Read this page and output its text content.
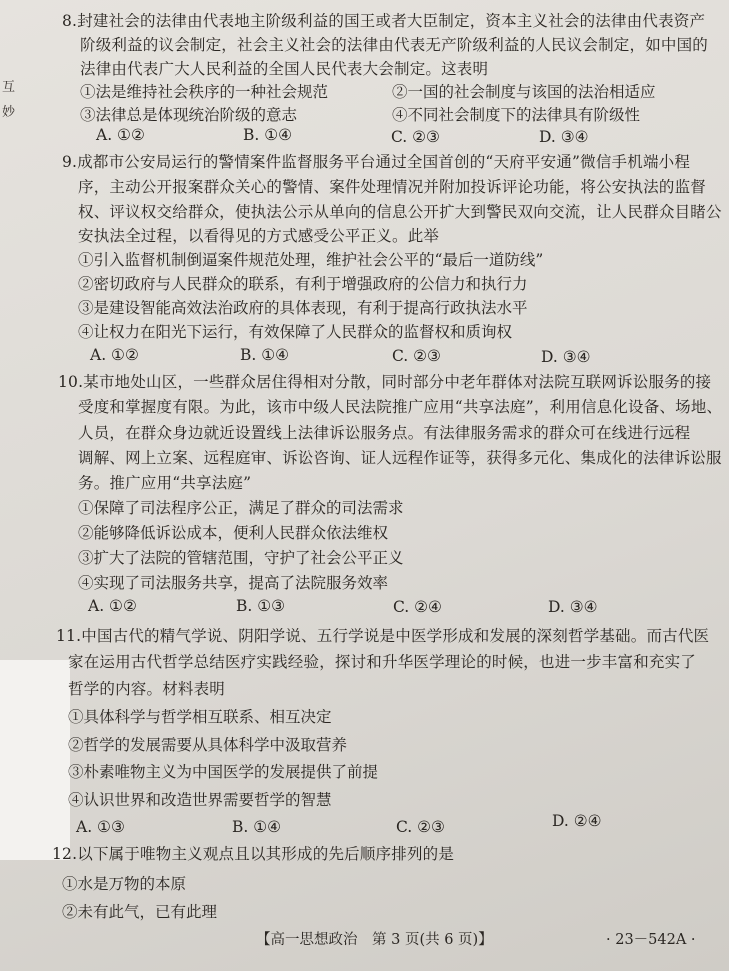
互
妙
8.封建社会的法律由代表地主阶级利益的国王或者大臣制定，资本主义社会的法律由代表资产
阶级利益的议会制定，社会主义社会的法律由代表无产阶级利益的人民议会制定，如中国的
法律由代表广大人民利益的全国人民代表大会制定。这表明
①法是维持社会秩序的一种社会规范	②一国的社会制度与该国的法治相适应
③法律总是体现统治阶级的意志	④不同社会制度下的法律具有阶级性
A. ①②	B. ①④	C. ②③	D. ③④
9.成都市公安局运行的警情案件监督服务平台通过全国首创的“天府平安通”微信手机端小程
序，主动公开报案群众关心的警情、案件处理情况并附加投诉评论功能，将公安执法的监督
权、评议权交给群众，使执法公示从单向的信息公开扩大到警民双向交流，让人民群众目睹公
安执法全过程，以看得见的方式感受公平正义。此举
①引入监督机制倒逼案件规范处理，维护社会公平的“最后一道防线”
②密切政府与人民群众的联系，有利于增强政府的公信力和执行力
③是建设智能高效法治政府的具体表现，有利于提高行政执法水平
④让权力在阳光下运行，有效保障了人民群众的监督权和质询权
A. ①②	B. ①④	C. ②③	D. ③④
10.某市地处山区，一些群众居住得相对分散，同时部分中老年群体对法院互联网诉讼服务的接
受度和掌握度有限。为此，该市中级人民法院推广应用“共享法庭”，利用信息化设备、场地、
人员，在群众身边就近设置线上法律诉讼服务点。有法律服务需求的群众可在线进行远程
调解、网上立案、远程庭审、诉讼咨询、证人远程作证等，获得多元化、集成化的法律诉讼服
务。推广应用“共享法庭”
①保障了司法程序公正，满足了群众的司法需求
②能够降低诉讼成本，便利人民群众依法维权
③扩大了法院的管辖范围，守护了社会公平正义
④实现了司法服务共享，提高了法院服务效率
A. ①②	B. ①③	C. ②④	D. ③④
11.中国古代的精气学说、阴阳学说、五行学说是中医学形成和发展的深刻哲学基础。而古代医
家在运用古代哲学总结医疗实践经验，探讨和升华医学理论的时候，也进一步丰富和充实了
哲学的内容。材料表明
①具体科学与哲学相互联系、相互决定
②哲学的发展需要从具体科学中汲取营养
③朴素唯物主义为中国医学的发展提供了前提
④认识世界和改造世界需要哲学的智慧
A. ①③	B. ①④	C. ②③	D. ②④
12.以下属于唯物主义观点且以其形成的先后顺序排列的是
①水是万物的本原
②未有此气，已有此理
【高一思想政治　第 3 页(共 6 页)】	· 23－542A ·
